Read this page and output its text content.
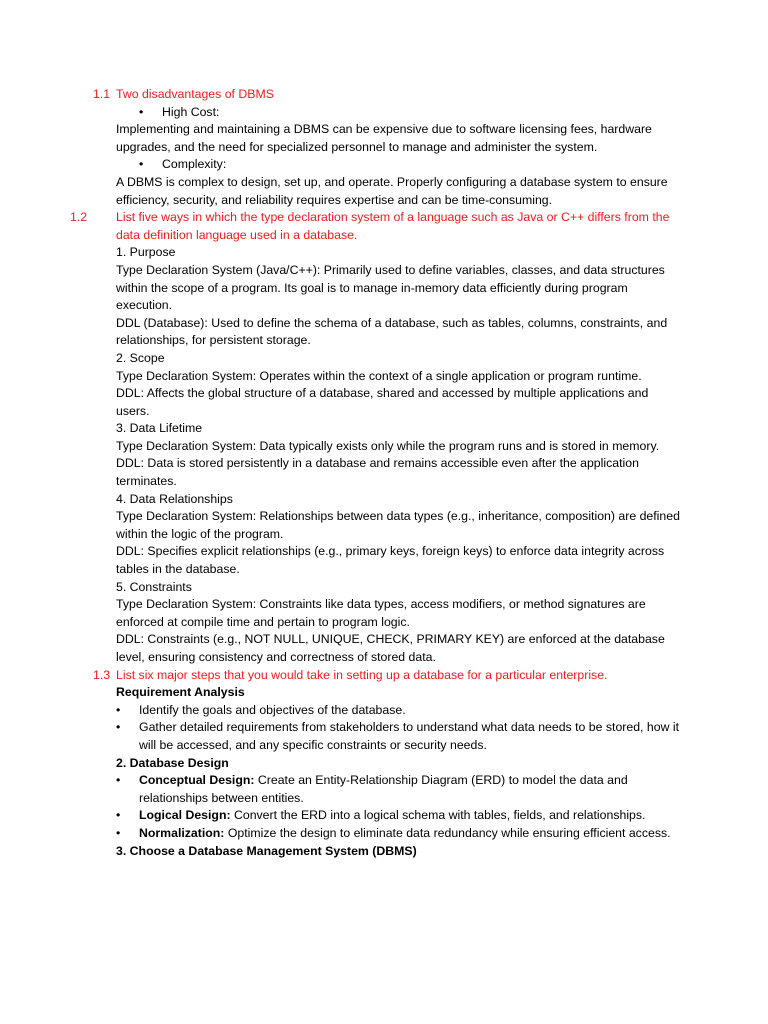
1.1 Two disadvantages of DBMS
• High Cost:
Implementing and maintaining a DBMS can be expensive due to software licensing fees, hardware upgrades, and the need for specialized personnel to manage and administer the system.
• Complexity:
A DBMS is complex to design, set up, and operate. Properly configuring a database system to ensure efficiency, security, and reliability requires expertise and can be time-consuming.
1.2 List five ways in which the type declaration system of a language such as Java or C++ differs from the data definition language used in a database.
1. Purpose
Type Declaration System (Java/C++): Primarily used to define variables, classes, and data structures within the scope of a program. Its goal is to manage in-memory data efficiently during program execution.
DDL (Database): Used to define the schema of a database, such as tables, columns, constraints, and relationships, for persistent storage.
2. Scope
Type Declaration System: Operates within the context of a single application or program runtime.
DDL: Affects the global structure of a database, shared and accessed by multiple applications and users.
3. Data Lifetime
Type Declaration System: Data typically exists only while the program runs and is stored in memory.
DDL: Data is stored persistently in a database and remains accessible even after the application terminates.
4. Data Relationships
Type Declaration System: Relationships between data types (e.g., inheritance, composition) are defined within the logic of the program.
DDL: Specifies explicit relationships (e.g., primary keys, foreign keys) to enforce data integrity across tables in the database.
5. Constraints
Type Declaration System: Constraints like data types, access modifiers, or method signatures are enforced at compile time and pertain to program logic.
DDL: Constraints (e.g., NOT NULL, UNIQUE, CHECK, PRIMARY KEY) are enforced at the database level, ensuring consistency and correctness of stored data.
1.3 List six major steps that you would take in setting up a database for a particular enterprise.
Requirement Analysis
• Identify the goals and objectives of the database.
• Gather detailed requirements from stakeholders to understand what data needs to be stored, how it will be accessed, and any specific constraints or security needs.
2. Database Design
• Conceptual Design: Create an Entity-Relationship Diagram (ERD) to model the data and relationships between entities.
• Logical Design: Convert the ERD into a logical schema with tables, fields, and relationships.
• Normalization: Optimize the design to eliminate data redundancy while ensuring efficient access.
3. Choose a Database Management System (DBMS)
